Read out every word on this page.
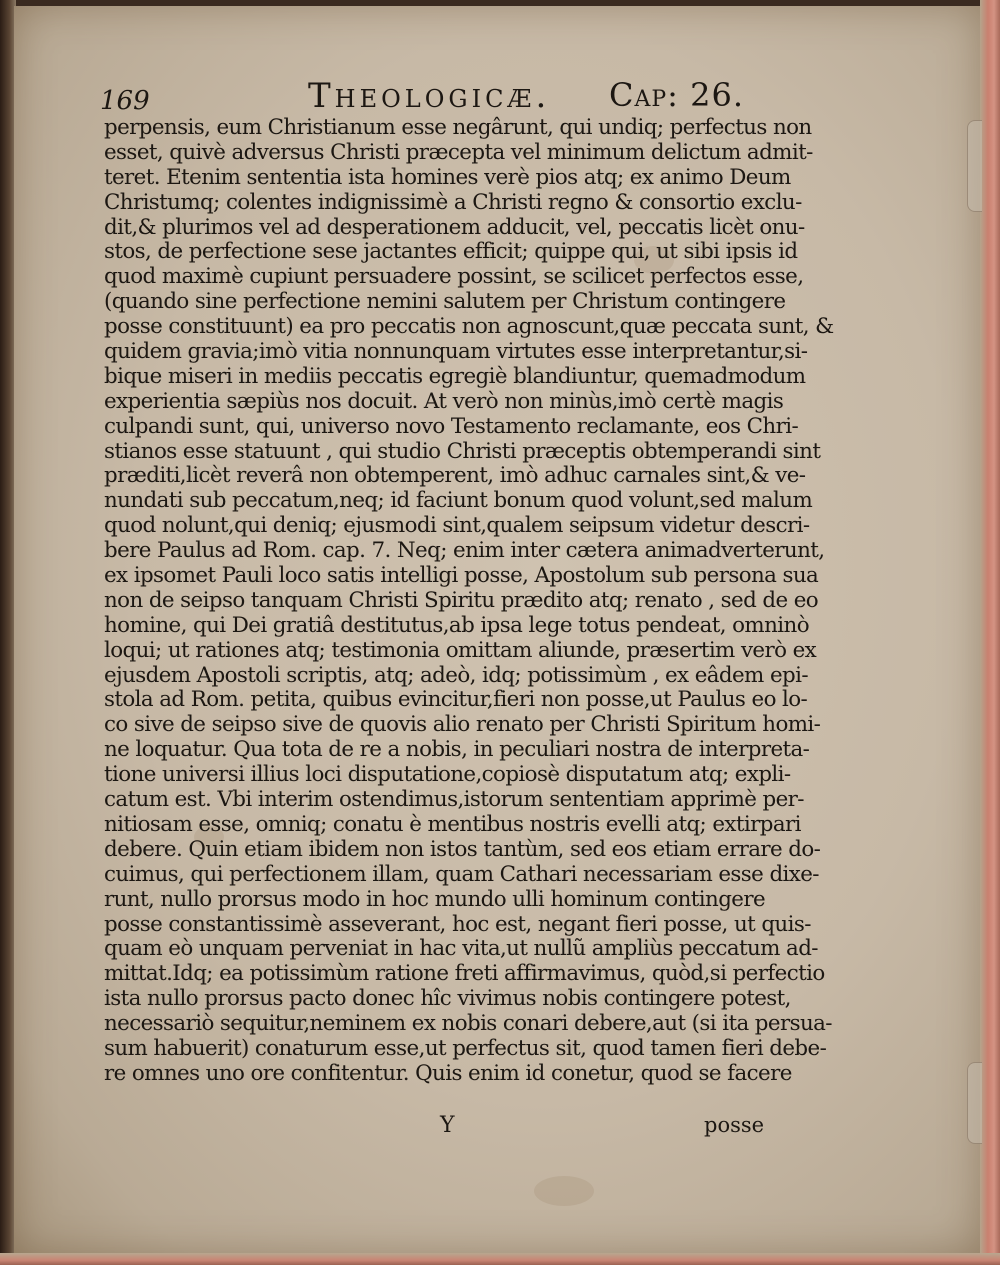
169	Theologicæ. Cap: 26.
perpensis, eum Christianum esse negârunt, qui undiq; perfectus non
esset, quivè adversus Christi præcepta vel minimum delictum admit-
teret. Etenim sententia ista homines verè pios atq; ex animo Deum
Christumq; colentes indignissimè a Christi regno & consortio exclu-
dit,& plurimos vel ad desperationem adducit, vel, peccatis licèt onu-
stos, de perfectione sese jactantes efficit; quippe qui, ut sibi ipsis id
quod maximè cupiunt persuadere possint, se scilicet perfectos esse,
(quando sine perfectione nemini salutem per Christum contingere
posse constituunt) ea pro peccatis non agnoscunt,quæ peccata sunt, &
quidem gravia;imò vitia nonnunquam virtutes esse interpretantur,si-
bique miseri in mediis peccatis egregiè blandiuntur, quemadmodum
experientia sæpiùs nos docuit. At verò non minùs,imò certè magis
culpandi sunt, qui, universo novo Testamento reclamante, eos Chri-
stianos esse statuunt , qui studio Christi præceptis obtemperandi sint
præditi,licèt reverâ non obtemperent, imò adhuc carnales sint,& ve-
nundati sub peccatum,neq; id faciunt bonum quod volunt,sed malum
quod nolunt,qui deniq; ejusmodi sint,qualem seipsum videtur descri-
bere Paulus ad Rom. cap. 7. Neq; enim inter cætera animadverterunt,
ex ipsomet Pauli loco satis intelligi posse, Apostolum sub persona sua
non de seipso tanquam Christi Spiritu prædito atq; renato , sed de eo
homine, qui Dei gratiâ destitutus,ab ipsa lege totus pendeat, omninò
loqui; ut rationes atq; testimonia omittam aliunde, præsertim verò ex
ejusdem Apostoli scriptis, atq; adeò, idq; potissimùm , ex eâdem epi-
stola ad Rom. petita, quibus evincitur,fieri non posse,ut Paulus eo lo-
co sive de seipso sive de quovis alio renato per Christi Spiritum homi-
ne loquatur. Qua tota de re a nobis, in peculiari nostra de interpreta-
tione universi illius loci disputatione,copiosè disputatum atq; expli-
catum est. Vbi interim ostendimus,istorum sententiam apprimè per-
nitiosam esse, omniq; conatu è mentibus nostris evelli atq; extirpari
debere. Quin etiam ibidem non istos tantùm, sed eos etiam errare do-
cuimus, qui perfectionem illam, quam Cathari necessariam esse dixe-
runt, nullo prorsus modo in hoc mundo ulli hominum contingere
posse constantissimè asseverant, hoc est, negant fieri posse, ut quis-
quam eò unquam perveniat in hac vita,ut nullũ ampliùs peccatum ad-
mittat.Idq; ea potissimùm ratione freti affirmavimus, quòd,si perfectio
ista nullo prorsus pacto donec hîc vivimus nobis contingere potest,
necessariò sequitur,neminem ex nobis conari debere,aut (si ita persua-
sum habuerit) conaturum esse,ut perfectus sit, quod tamen fieri debe-
re omnes uno ore confitentur. Quis enim id conetur, quod se facere
Y	posse
